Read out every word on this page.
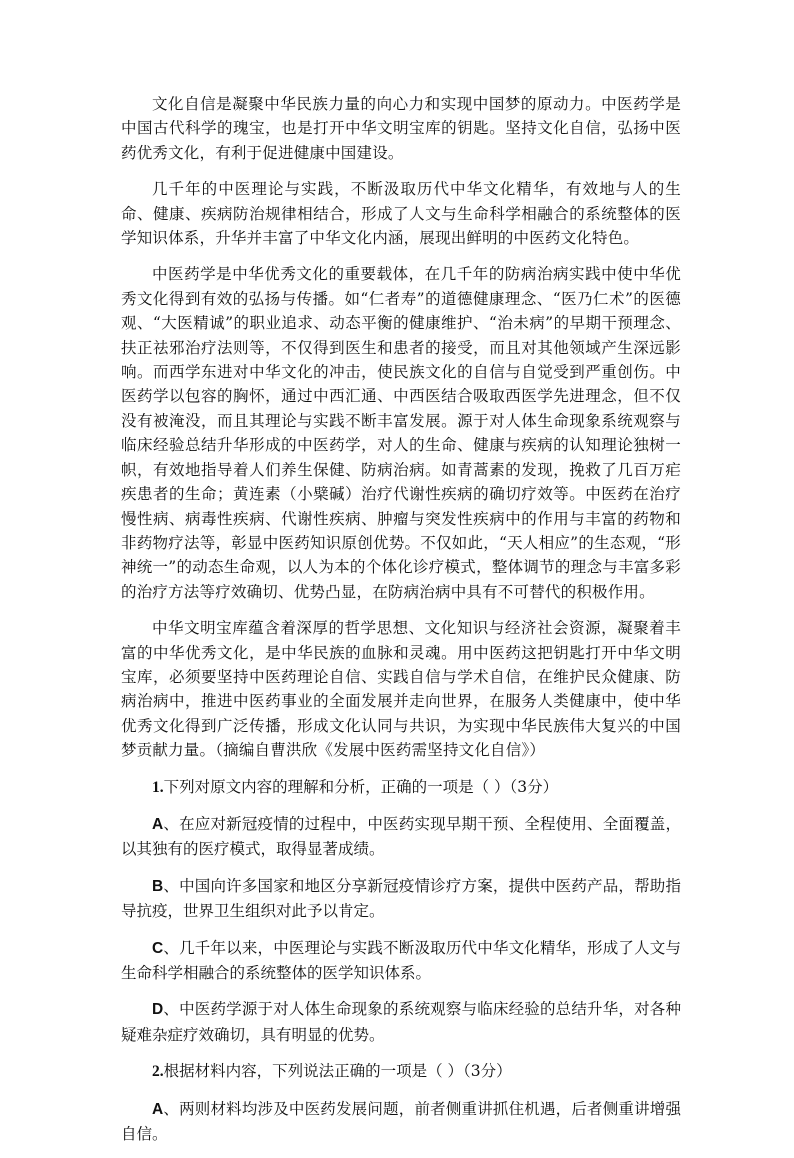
文化自信是凝聚中华民族力量的向心力和实现中国梦的原动力。中医药学是中国古代科学的瑰宝，也是打开中华文明宝库的钥匙。坚持文化自信，弘扬中医药优秀文化，有利于促进健康中国建设。

几千年的中医理论与实践，不断汲取历代中华文化精华，有效地与人的生命、健康、疾病防治规律相结合，形成了人文与生命科学相融合的系统整体的医学知识体系，升华并丰富了中华文化内涵，展现出鲜明的中医药文化特色。

中医药学是中华优秀文化的重要载体，在几千年的防病治病实践中使中华优秀文化得到有效的弘扬与传播。如“仁者寿”的道德健康理念、“医乃仁术”的医德观、“大医精诚”的职业追求、动态平衡的健康维护、“治未病”的早期干预理念、扶正祛邪治疗法则等，不仅得到医生和患者的接受，而且对其他领域产生深远影响。而西学东进对中华文化的冲击，使民族文化的自信与自觉受到严重创伤。中医药学以包容的胸怀，通过中西汇通、中西医结合吸取西医学先进理念，但不仅没有被淹没，而且其理论与实践不断丰富发展。源于对人体生命现象系统观察与临床经验总结升华形成的中医药学，对人的生命、健康与疾病的认知理论独树一帜，有效地指导着人们养生保健、防病治病。如青蒿素的发现，挽救了几百万疟疾患者的生命；黄连素（小檗碱）治疗代谢性疾病的确切疗效等。中医药在治疗慢性病、病毒性疾病、代谢性疾病、肿瘤与突发性疾病中的作用与丰富的药物和非药物疗法等，彰显中医药知识原创优势。不仅如此，“天人相应”的生态观，“形神统一”的动态生命观，以人为本的个体化诊疗模式，整体调节的理念与丰富多彩的治疗方法等疗效确切、优势凸显，在防病治病中具有不可替代的积极作用。

中华文明宝库蕴含着深厚的哲学思想、文化知识与经济社会资源，凝聚着丰富的中华优秀文化，是中华民族的血脉和灵魂。用中医药这把钥匙打开中华文明宝库，必须要坚持中医药理论自信、实践自信与学术自信，在维护民众健康、防病治病中，推进中医药事业的全面发展并走向世界，在服务人类健康中，使中华优秀文化得到广泛传播，形成文化认同与共识，为实现中华民族伟大复兴的中国梦贡献力量。（摘编自曹洪欣《发展中医药需坚持文化自信》）

1.下列对原文内容的理解和分析，正确的一项是（ ）（3分）

A、在应对新冠疫情的过程中，中医药实现早期干预、全程使用、全面覆盖，以其独有的医疗模式，取得显著成绩。

B、中国向许多国家和地区分享新冠疫情诊疗方案，提供中医药产品，帮助指导抗疫，世界卫生组织对此予以肯定。

C、几千年以来，中医理论与实践不断汲取历代中华文化精华，形成了人文与生命科学相融合的系统整体的医学知识体系。

D、中医药学源于对人体生命现象的系统观察与临床经验的总结升华，对各种疑难杂症疗效确切，具有明显的优势。

2.根据材料内容，下列说法正确的一项是（ ）（3分）

A、两则材料均涉及中医药发展问题，前者侧重讲抓住机遇，后者侧重讲增强自信。
